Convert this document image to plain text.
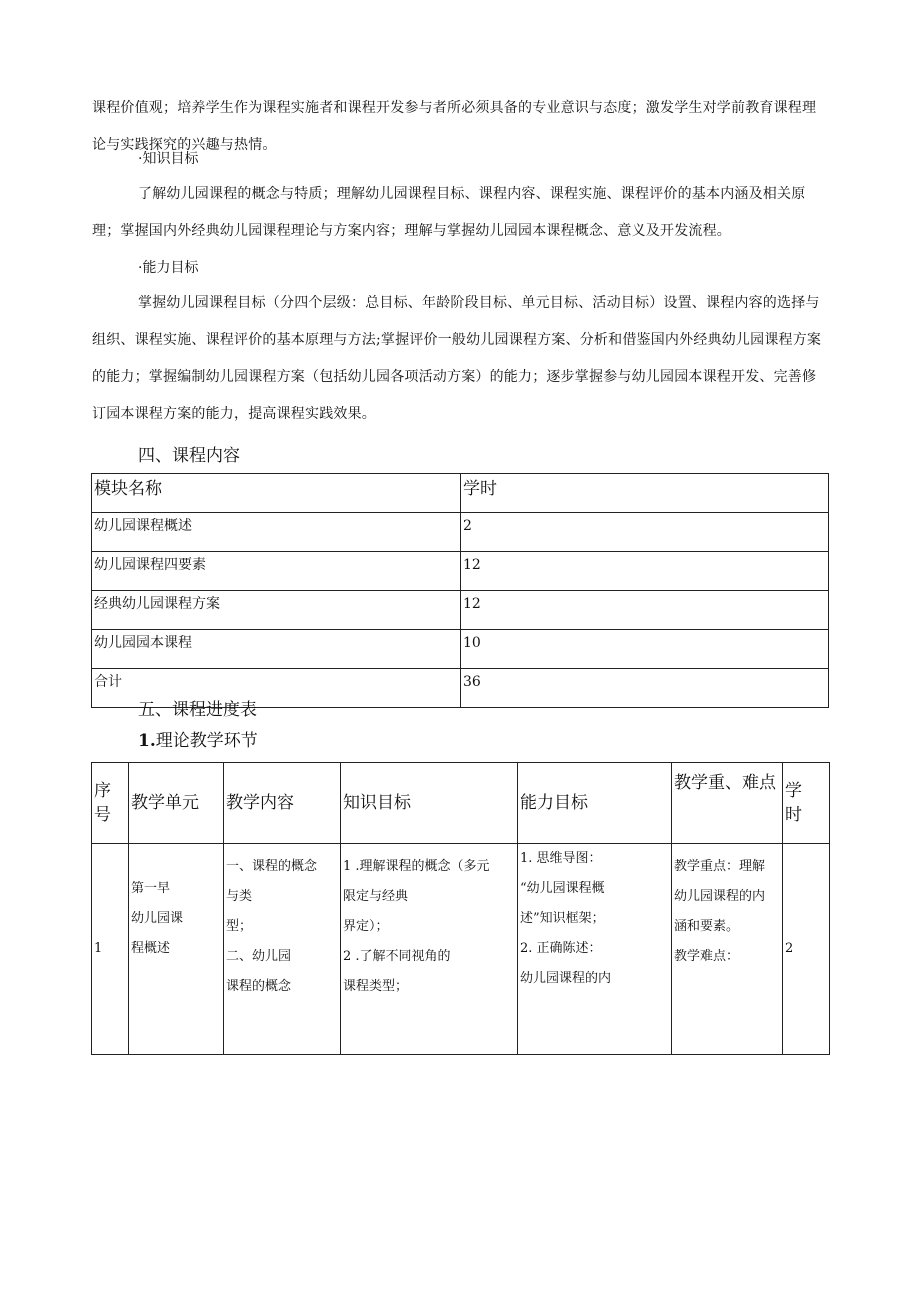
课程价值观；培养学生作为课程实施者和课程开发参与者所必须具备的专业意识与态度；激发学生对学前教育课程理论与实践探究的兴趣与热情。

·知识目标

了解幼儿园课程的概念与特质；理解幼儿园课程目标、课程内容、课程实施、课程评价的基本内涵及相关原理；掌握国内外经典幼儿园课程理论与方案内容；理解与掌握幼儿园园本课程概念、意义及开发流程。

·能力目标

掌握幼儿园课程目标（分四个层级：总目标、年龄阶段目标、单元目标、活动目标）设置、课程内容的选择与组织、课程实施、课程评价的基本原理与方法;掌握评价一般幼儿园课程方案、分析和借鉴国内外经典幼儿园课程方案的能力；掌握编制幼儿园课程方案（包括幼儿园各项活动方案）的能力；逐步掌握参与幼儿园园本课程开发、完善修订园本课程方案的能力，提高课程实践效果。

四、课程内容
模块名称	学时
幼儿园课程概述	2
幼儿园课程四要素	12
经典幼儿园课程方案	12
幼儿园园本课程	10
合计	36
五、课程进度表
1.理论教学环节
序
号	教学单元	教学内容	知识目标	能力目标	教学重、难点	学
时

1	第一早
幼儿园课
程概述	一、课程的概念
与类
型；
二、幼儿园
课程的概念	1 .理解课程的概念（多元
限定与经典
界定）；
2 .了解不同视角的
课程类型；	1. 思维导图：
“幼儿园课程概
述”知识框架；
2. 正确陈述：
幼儿园课程的内	教学重点：理解
幼儿园课程的内
涵和要素。
教学难点：	2
